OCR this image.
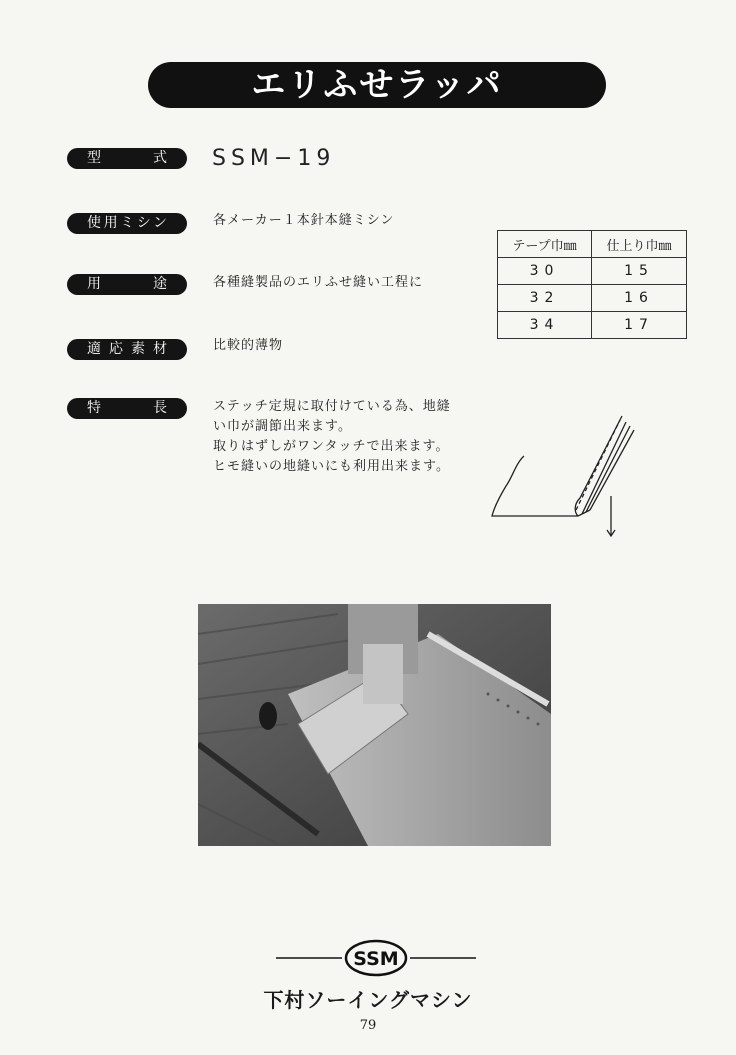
エリふせラッパ
型式	SSM−19
使用ミシン	各メーカー１本針本縫ミシン
用途	各種縫製品のエリふせ縫い工程に
適応素材	比較的薄物
特長	ステッチ定規に取付けている為、地縫
い巾が調節出来ます。
取りはずしがワンタッチで出来ます。
ヒモ縫いの地縫いにも利用出来ます。
テープ巾㎜	仕上り巾㎜
30	15
32	16
34	17
SSM
下村ソーイングマシン
79
